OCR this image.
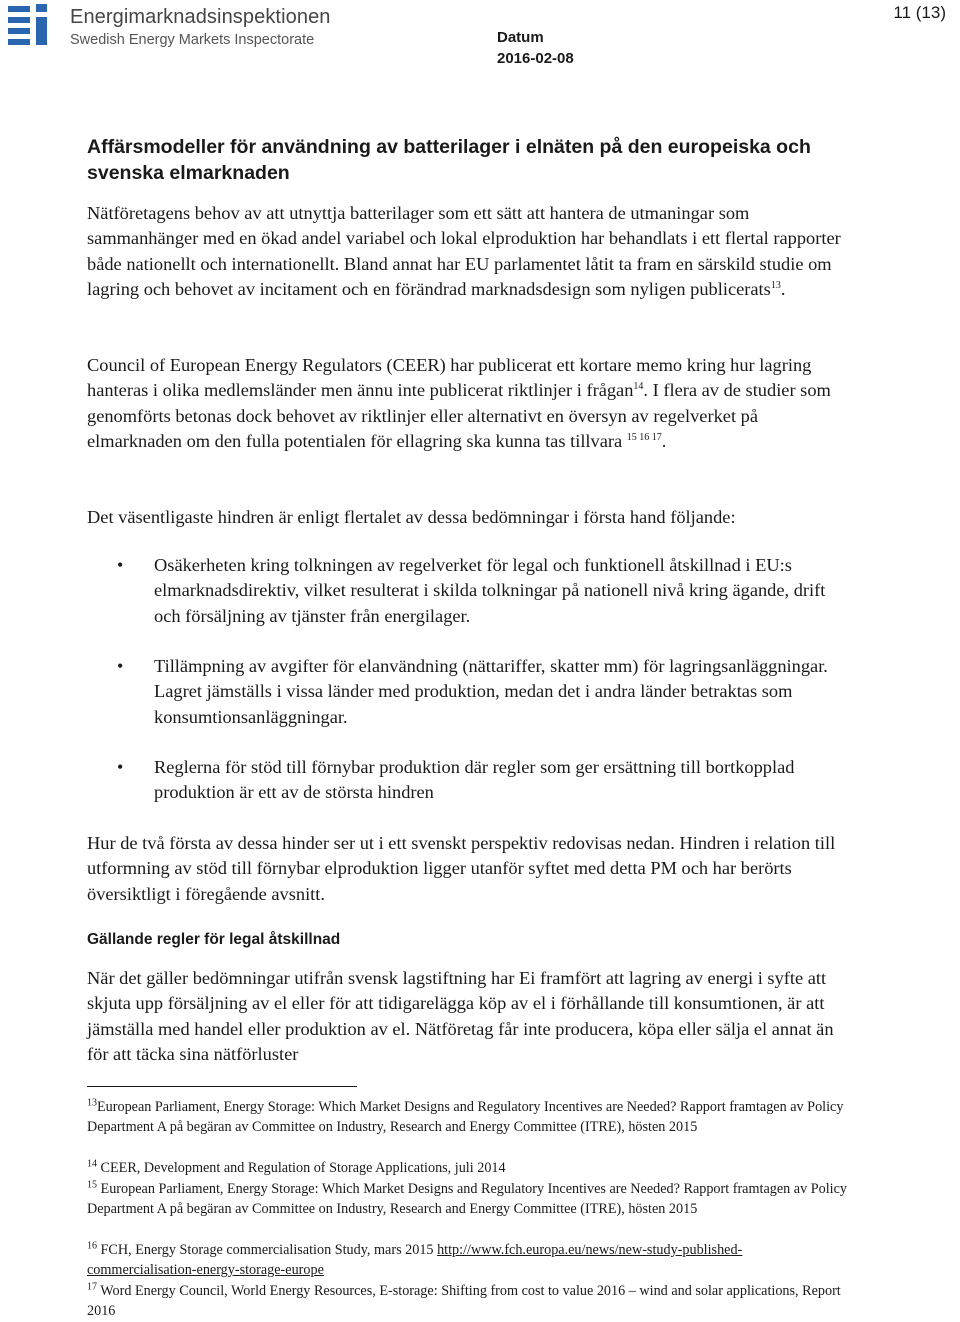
Energimarknadsinspektionen
Swedish Energy Markets Inspectorate	Datum
2016-02-08
11 (13)
Affärsmodeller för användning av batterilager i elnäten på den europeiska och svenska elmarknaden
Nätföretagens behov av att utnyttja batterilager som ett sätt att hantera de utmaningar som sammanhänger med en ökad andel variabel och lokal elproduktion har behandlats i ett flertal rapporter både nationellt och internationellt. Bland annat har EU parlamentet låtit ta fram en särskild studie om lagring och behovet av incitament och en förändrad marknadsdesign som nyligen publicerats$^{13}$.
Council of European Energy Regulators (CEER) har publicerat ett kortare memo kring hur lagring hanteras i olika medlemsländer men ännu inte publicerat riktlinjer i frågan$^{14}$. I flera av de studier som genomförts betonas dock behovet av riktlinjer eller alternativt en översyn av regelverket på elmarknaden om den fulla potentialen för ellagring ska kunna tas tillvara $^{15 16 17}$.
Det väsentligaste hindren är enligt flertalet av dessa bedömningar i första hand följande:
• Osäkerheten kring tolkningen av regelverket för legal och funktionell åtskillnad i EU:s elmarknadsdirektiv, vilket resulterat i skilda tolkningar på nationell nivå kring ägande, drift och försäljning av tjänster från energilager.
• Tillämpning av avgifter för elanvändning (nättariffer, skatter mm) för lagringsanläggningar. Lagret jämställs i vissa länder med produktion, medan det i andra länder betraktas som konsumtionsanläggningar.
• Reglerna för stöd till förnybar produktion där regler som ger ersättning till bortkopplad produktion är ett av de största hindren
Hur de två första av dessa hinder ser ut i ett svenskt perspektiv redovisas nedan. Hindren i relation till utformning av stöd till förnybar elproduktion ligger utanför syftet med detta PM och har berörts översiktligt i föregående avsnitt.
Gällande regler för legal åtskillnad
När det gäller bedömningar utifrån svensk lagstiftning har Ei framfört att lagring av energi i syfte att skjuta upp försäljning av el eller för att tidigarelägga köp av el i förhållande till konsumtionen, är att jämställa med handel eller produktion av el. Nätföretag får inte producera, köpa eller sälja el annat än för att täcka sina nätförluster
$^{13}$European Parliament, Energy Storage: Which Market Designs and Regulatory Incentives are Needed? Rapport framtagen av Policy Department A på begäran av Committee on Industry, Research and Energy Committee (ITRE), hösten 2015
$^{14}$ CEER, Development and Regulation of Storage Applications, juli 2014
$^{15}$ European Parliament, Energy Storage: Which Market Designs and Regulatory Incentives are Needed? Rapport framtagen av Policy Department A på begäran av Committee on Industry, Research and Energy Committee (ITRE), hösten 2015
$^{16}$ FCH, Energy Storage commercialisation Study, mars 2015 http://www.fch.europa.eu/news/new-study-published-commercialisation-energy-storage-europe
$^{17}$ Word Energy Council, World Energy Resources, E-storage: Shifting from cost to value 2016 – wind and solar applications, Report 2016
